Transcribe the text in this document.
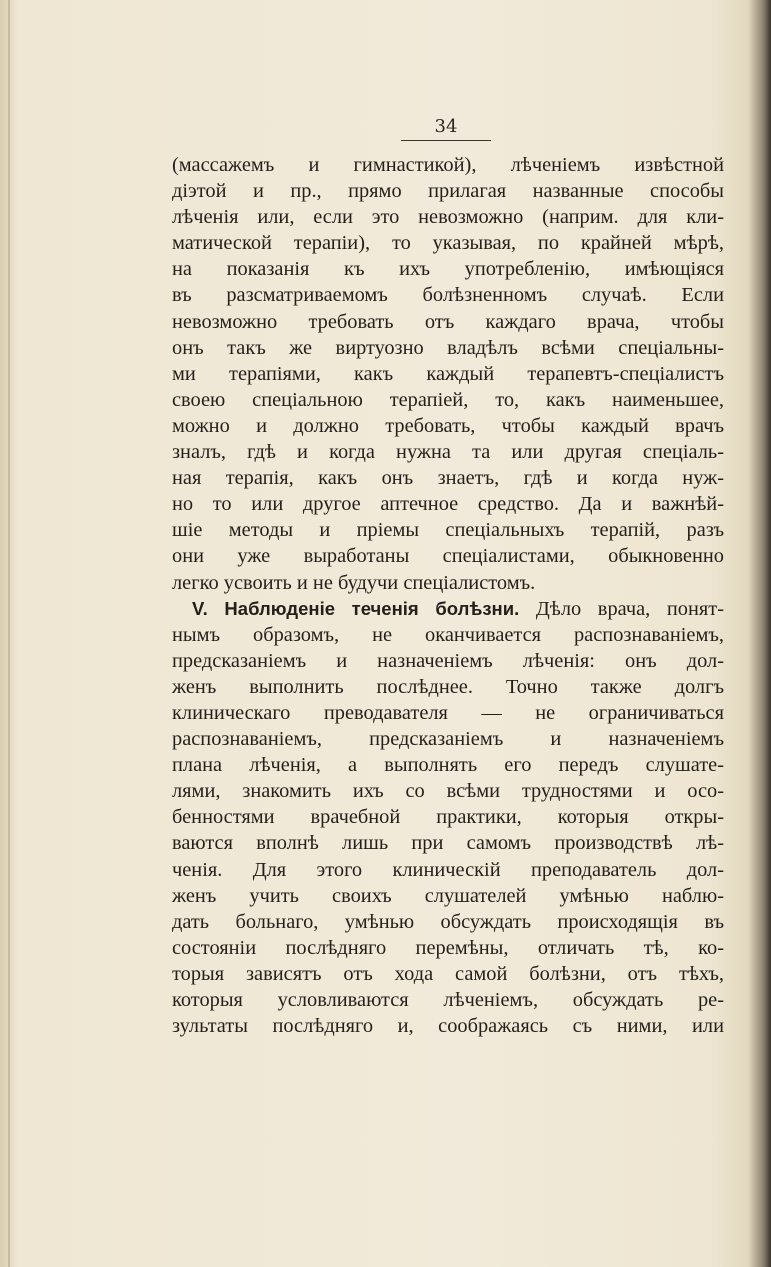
34
(массажемъ и гимнастикой), лѣченіемъ извѣстной
діэтой и пр., прямо прилагая названные способы
лѣченія или, если это невозможно (наприм. для кли-
матической терапіи), то указывая, по крайней мѣрѣ,
на показанія къ ихъ употребленію, имѣющіяся
въ разсматриваемомъ болѣзненномъ случаѣ. Если
невозможно требовать отъ каждаго врача, чтобы
онъ такъ же виртуозно владѣлъ всѣми спеціальны-
ми терапіями, какъ каждый терапевтъ-спеціалистъ
своею спеціальною терапіей, то, какъ наименьшее,
можно и должно требовать, чтобы каждый врачъ
зналъ, гдѣ и когда нужна та или другая спеціаль-
ная терапія, какъ онъ знаетъ, гдѣ и когда нуж-
но то или другое аптечное средство. Да и важнѣй-
шіе методы и пріемы спеціальныхъ терапій, разъ
они уже выработаны спеціалистами, обыкновенно
легко усвоить и не будучи спеціалистомъ.
V. Наблюденіе теченія болѣзни. Дѣло врача, понят-
нымъ образомъ, не оканчивается распознаваніемъ,
предсказаніемъ и назначеніемъ лѣченія: онъ дол-
женъ выполнить послѣднее. Точно также долгъ
клиническаго преводавателя — не ограничиваться
распознаваніемъ, предсказаніемъ и назначеніемъ
плана лѣченія, а выполнять его передъ слушате-
лями, знакомить ихъ со всѣми трудностями и осо-
бенностями врачебной практики, которыя откры-
ваются вполнѣ лишь при самомъ производствѣ лѣ-
ченія. Для этого клиническій преподаватель дол-
женъ учить своихъ слушателей умѣнью наблю-
дать больнаго, умѣнью обсуждать происходящія въ
состояніи послѣдняго перемѣны, отличать тѣ, ко-
торыя зависятъ отъ хода самой болѣзни, отъ тѣхъ,
которыя условливаются лѣченіемъ, обсуждать ре-
зультаты послѣдняго и, соображаясь съ ними, или
